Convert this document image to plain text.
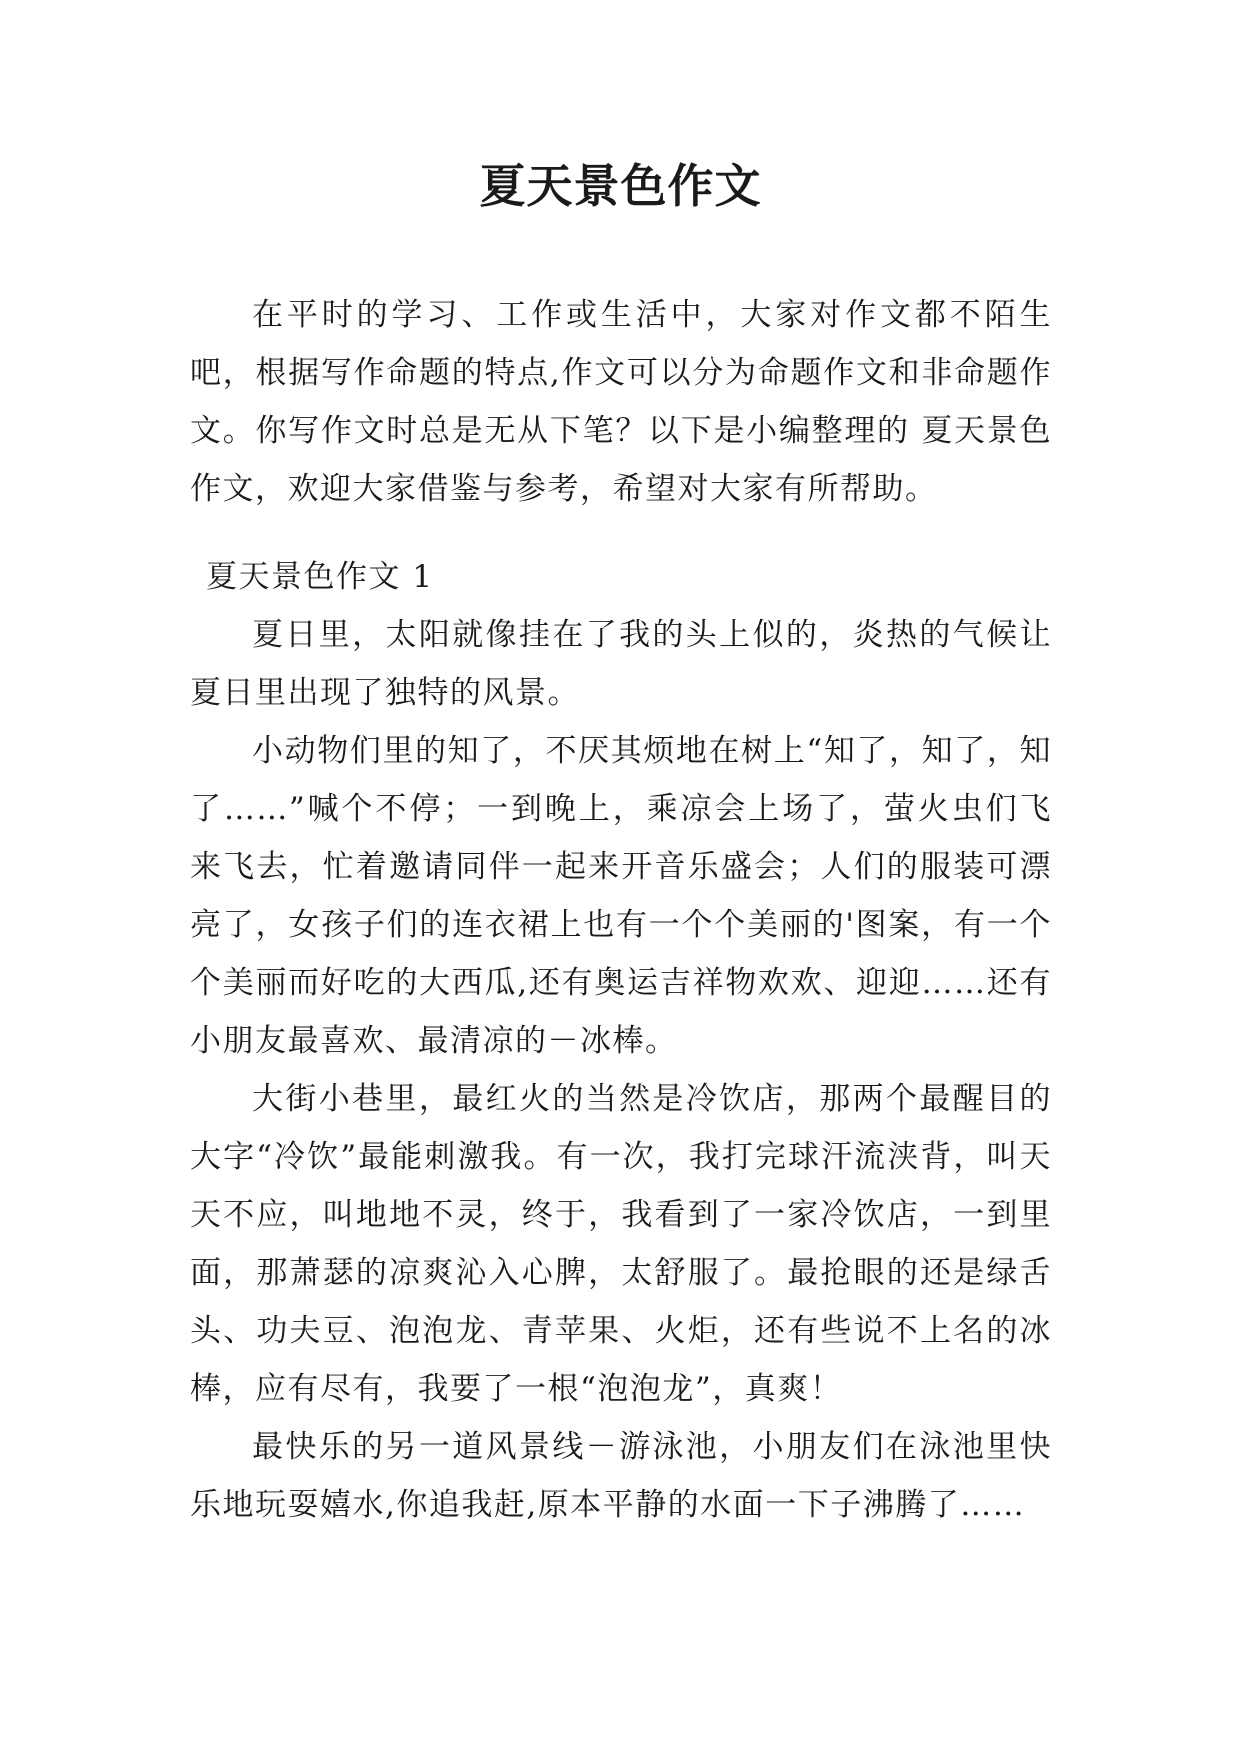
夏天景色作文

在平时的学习、工作或生活中，大家对作文都不陌生吧，根据写作命题的特点,作文可以分为命题作文和非命题作文。你写作文时总是无从下笔？以下是小编整理的 夏天景色作文，欢迎大家借鉴与参考，希望对大家有所帮助。

夏天景色作文 1

夏日里，太阳就像挂在了我的头上似的，炎热的气候让夏日里出现了独特的风景。

小动物们里的知了，不厌其烦地在树上“知了，知了，知了……”喊个不停；一到晚上，乘凉会上场了，萤火虫们飞来飞去，忙着邀请同伴一起来开音乐盛会；人们的服装可漂亮了，女孩子们的连衣裙上也有一个个美丽的'图案，有一个个美丽而好吃的大西瓜,还有奥运吉祥物欢欢、迎迎……还有小朋友最喜欢、最清凉的－冰棒。

大街小巷里，最红火的当然是冷饮店，那两个最醒目的大字“冷饮”最能刺激我。有一次，我打完球汗流浃背，叫天天不应，叫地地不灵，终于，我看到了一家冷饮店，一到里面，那萧瑟的凉爽沁入心脾，太舒服了。最抢眼的还是绿舌头、功夫豆、泡泡龙、青苹果、火炬，还有些说不上名的冰棒，应有尽有，我要了一根“泡泡龙”，真爽！

最快乐的另一道风景线－游泳池，小朋友们在泳池里快乐地玩耍嬉水,你追我赶,原本平静的水面一下子沸腾了……
